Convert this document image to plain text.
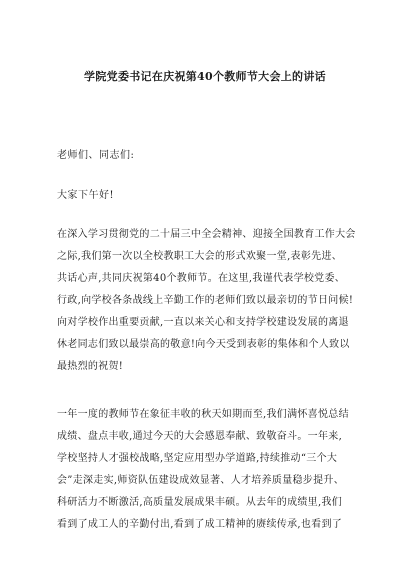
学院党委书记在庆祝第40个教师节大会上的讲话
老师们、同志们:
大家下午好!
在深入学习贯彻党的二十届三中全会精神、迎接全国教育工作大会
之际,我们第一次以全校教职工大会的形式欢聚一堂,表彰先进、
共话心声,共同庆祝第40个教师节。在这里,我谨代表学校党委、
行政,向学校各条战线上辛勤工作的老师们致以最亲切的节日问候!
向对学校作出重要贡献,一直以来关心和支持学校建设发展的离退
休老同志们致以最崇高的敬意!向今天受到表彰的集体和个人致以
最热烈的祝贺!
一年一度的教师节在象征丰收的秋天如期而至,我们满怀喜悦总结
成绩、盘点丰收,通过今天的大会感恩奉献、致敬奋斗。一年来,
学校坚持人才强校战略,坚定应用型办学道路,持续推动“三个大
会”走深走实,师资队伍建设成效显著、人才培养质量稳步提升、
科研活力不断激活,高质量发展成果丰硕。从去年的成绩里,我们
看到了成工人的辛勤付出,看到了成工精神的赓续传承,也看到了
